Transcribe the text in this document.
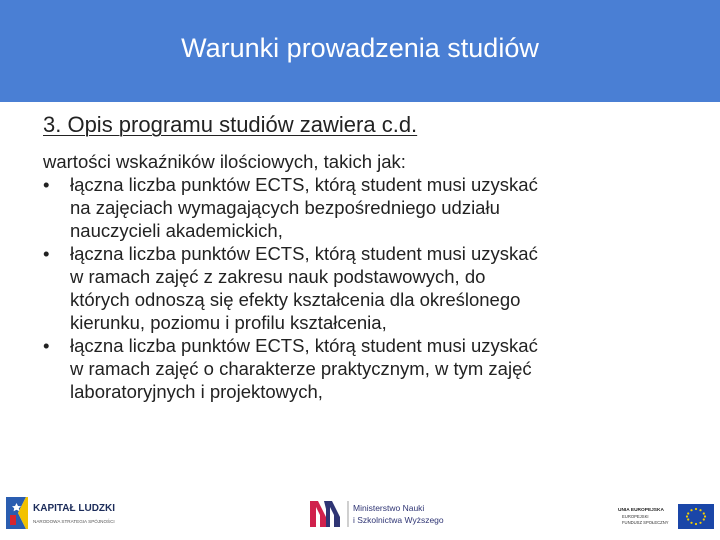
Warunki prowadzenia studiów
3. Opis programu studiów zawiera c.d.
wartości wskaźników ilościowych, takich jak:
• łączna liczba punktów ECTS, którą student musi uzyskać
na zajęciach wymagających bezpośredniego udziału
nauczycieli akademickich,
• łączna liczba punktów ECTS, którą student musi uzyskać
w ramach zajęć z zakresu nauk podstawowych, do
których odnoszą się efekty kształcenia dla określonego
kierunku, poziomu i profilu kształcenia,
• łączna liczba punktów ECTS, którą student musi uzyskać
w ramach zajęć o charakterze praktycznym, w tym zajęć
laboratoryjnych i projektowych,
KAPITAŁ LUDZKI
NARODOWA STRATEGIA SPÓJNOŚCI
Ministerstwo Nauki
i Szkolnictwa Wyższego
UNIA EUROPEJSKA
EUROPEJSKI
FUNDUSZ SPOŁECZNY
